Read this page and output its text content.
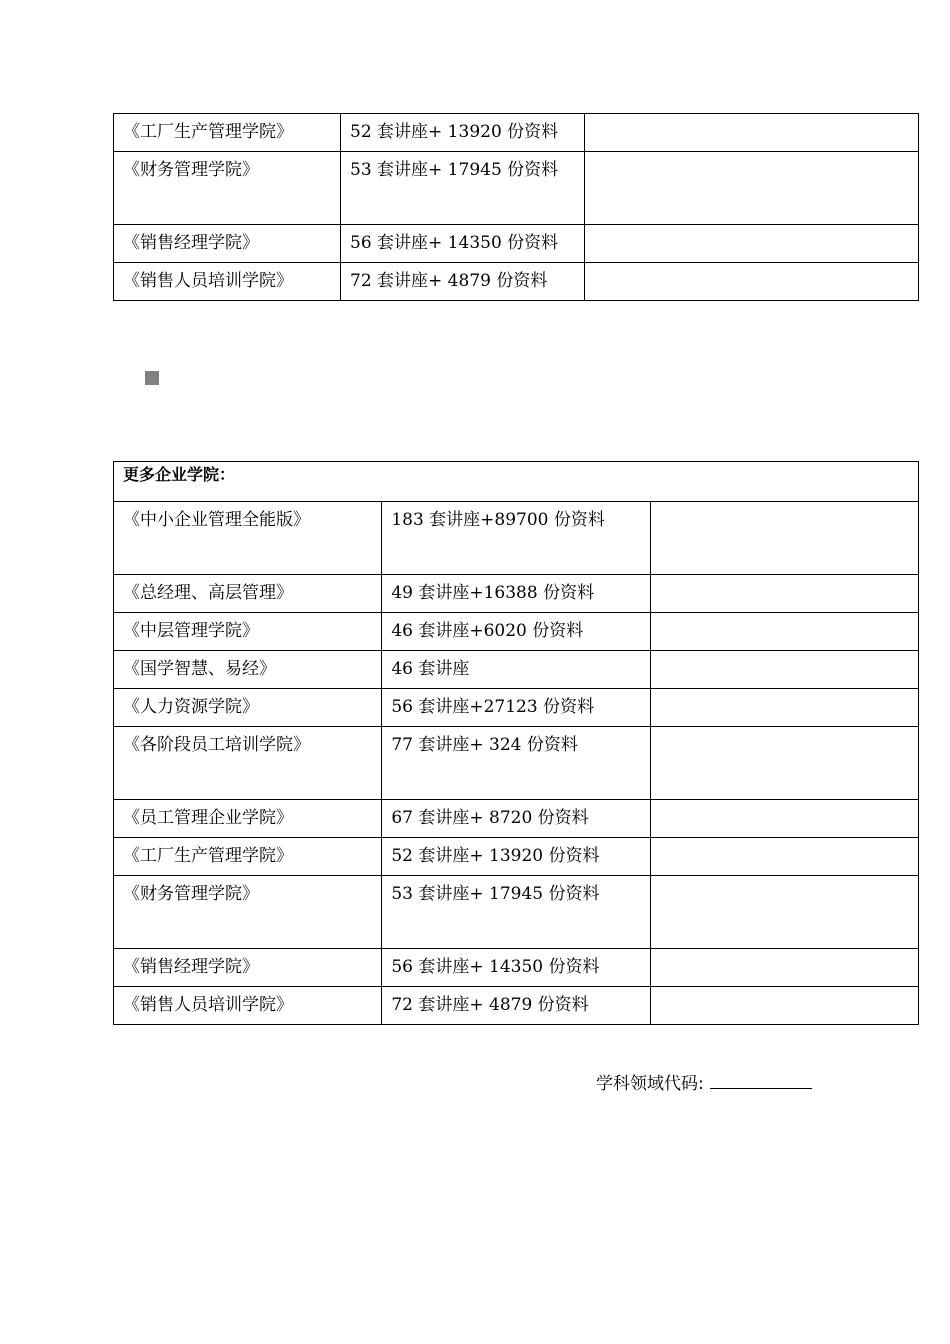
《工厂生产管理学院》	52 套讲座+ 13920 份资料	
《财务管理学院》	53 套讲座+ 17945 份资料	
《销售经理学院》	56 套讲座+ 14350 份资料	
《销售人员培训学院》	72 套讲座+ 4879 份资料	
更多企业学院：		
《中小企业管理全能版》	183 套讲座+89700 份资料	
《总经理、高层管理》	49 套讲座+16388 份资料	
《中层管理学院》	46 套讲座+6020 份资料	
《国学智慧、易经》	46 套讲座	
《人力资源学院》	56 套讲座+27123 份资料	
《各阶段员工培训学院》	77 套讲座+ 324 份资料	
《员工管理企业学院》	67 套讲座+ 8720 份资料	
《工厂生产管理学院》	52 套讲座+ 13920 份资料	
《财务管理学院》	53 套讲座+ 17945 份资料	
《销售经理学院》	56 套讲座+ 14350 份资料	
《销售人员培训学院》	72 套讲座+ 4879 份资料	
学科领域代码:
